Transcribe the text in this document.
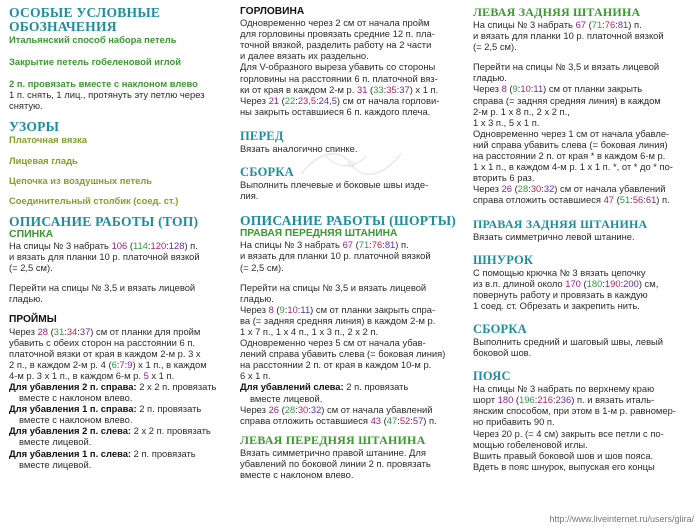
ОСОБЫЕ УСЛОВНЫЕ
ОБОЗНАЧЕНИЯ

Итальянский способ набора петель

Закрытие петель гобеленовой иглой

2 п. провязать вместе с наклоном влево

1 п. снять, 1 лиц., протянуть эту петлю через
снятую.

УЗОРЫ

Платочная вязка

Лицевая гладь

Цепочка из воздушных петель

Соединительный столбик (соед. ст.)

ОПИСАНИЕ РАБОТЫ (ТОП)

СПИНКА

На спицы № 3 набрать 106 (114:120:128) п.

и вязать для планки 10 р. платочной вязкой

(= 2,5 см).

Перейти на спицы № 3,5 и вязать лицевой

гладью.

ПРОЙМЫ

Через 28 (31:34:37) см от планки для пройм

убавить с обеих сторон на расстоянии 6 п.

платочной вязки от края в каждом 2-м р. 3 х

2 п., в каждом 2-м р. 4 (6:7:9) х 1 п., в каждом

4-м р. 3 х 1 п., в каждом 6-м р. 5 х 1 п.

Для убавления 2 п. справа: 2 х 2 п. провязать

вместе с наклоном влево.

Для убавления 1 п. справа: 2 п. провязать

вместе с наклоном влево.

Для убавления 2 п. слева: 2 х 2 п. провязать

вместе лицевой.

Для убавления 1 п. слева: 2 п. провязать

вместе лицевой.

ГОРЛОВИНА

Одновременно через 2 см от начала пройм

для горловины провязать средние 12 п. пла-

точной вязкой, разделить работу на 2 части

и далее вязать их раздельно.

Для V-образного выреза убавить со стороны

горловины на расстоянии 6 п. платочной вяз-

ки от края в каждом 2-м р. 31 (33:35:37) х 1 п.

Через 21 (22:23,5:24,5) см от начала горлови-

ны закрыть оставшиеся 6 п. каждого плеча.

ПЕРЕД

Вязать аналогично спинке.

СБОРКА

Выполнить плечевые и боковые швы изде-

лия.

ОПИСАНИЕ РАБОТЫ (ШОРТЫ)

ПРАВАЯ ПЕРЕДНЯЯ ШТАНИНА

На спицы № 3 набрать 67 (71:76:81) п.

и вязать для планки 10 р. платочной вязкой

(= 2,5 см).

Перейти на спицы № 3,5 и вязать лицевой

гладью.

Через 8 (9:10:11) см от планки закрыть спра-

ва (= задняя средняя линия) в каждом 2-м р.

1 х 7 п., 1 х 4 п., 1 х 3 п., 2 х 2 п.

Одновременно через 5 см от начала убав-

лений справа убавить слева (= боковая линия)

на расстоянии 2 п. от края в каждом 10-м р.

6 х 1 п.

Для убавлений слева: 2 п. провязать

вместе лицевой.

Через 26 (28:30:32) см от начала убавлений

справа отложить оставшиеся 43 (47:52:57) п.

ЛЕВАЯ ПЕРЕДНЯЯ ШТАНИНА

Вязать симметрично правой штанине. Для

убавлений по боковой линии 2 п. провязать

вместе с наклоном влево.

ЛЕВАЯ ЗАДНЯЯ ШТАНИНА

На спицы № 3 набрать 67 (71:76:81) п.

и вязать для планки 10 р. платочной вязкой

(= 2,5 см).

Перейти на спицы № 3,5 и вязать лицевой

гладью.

Через 8 (9:10:11) см от планки закрыть

справа (= задняя средняя линия) в каждом

2-м р. 1 х 8 п., 2 х 2 п.,

1 х 3 п., 5 х 1 п.

Одновременно через 1 см от начала убавле-

ний справа убавить слева (= боковая линия)

на расстоянии 2 п. от края * в каждом 6-м р.

1 х 1 п., в каждом 4-м р. 1 х 1 п. *, от * до * по-

вторить 6 раз.

Через 26 (28:30:32) см от начала убавлений

справа отложить оставшиеся 47 (51:56:61) п.

ПРАВАЯ ЗАДНЯЯ ШТАНИНА

Вязать симметрично левой штанине.

ШНУРОК

С помощью крючка № 3 вязать цепочку

из в.п. длиной около 170 (180:190:200) см,

повернуть работу и провязать в каждую

1 соед. ст. Обрезать и закрепить нить.

СБОРКА

Выполнить средний и шаговый швы, левый

боковой шов.

ПОЯС

На спицы № 3 набрать по верхнему краю

шорт 180 (196:216:236) п. и вязать италь-

янским способом, при этом в 1-м р. равномер-

но прибавить 90 п.

Через 20 р. (= 4 см) закрыть все петли с по-

мощью гобеленовой иглы.

Вшить правый боковой шов и шов пояса.

Вдеть в пояс шнурок, выпуская его концы

http://www.liveinternet.ru/users/glira/
